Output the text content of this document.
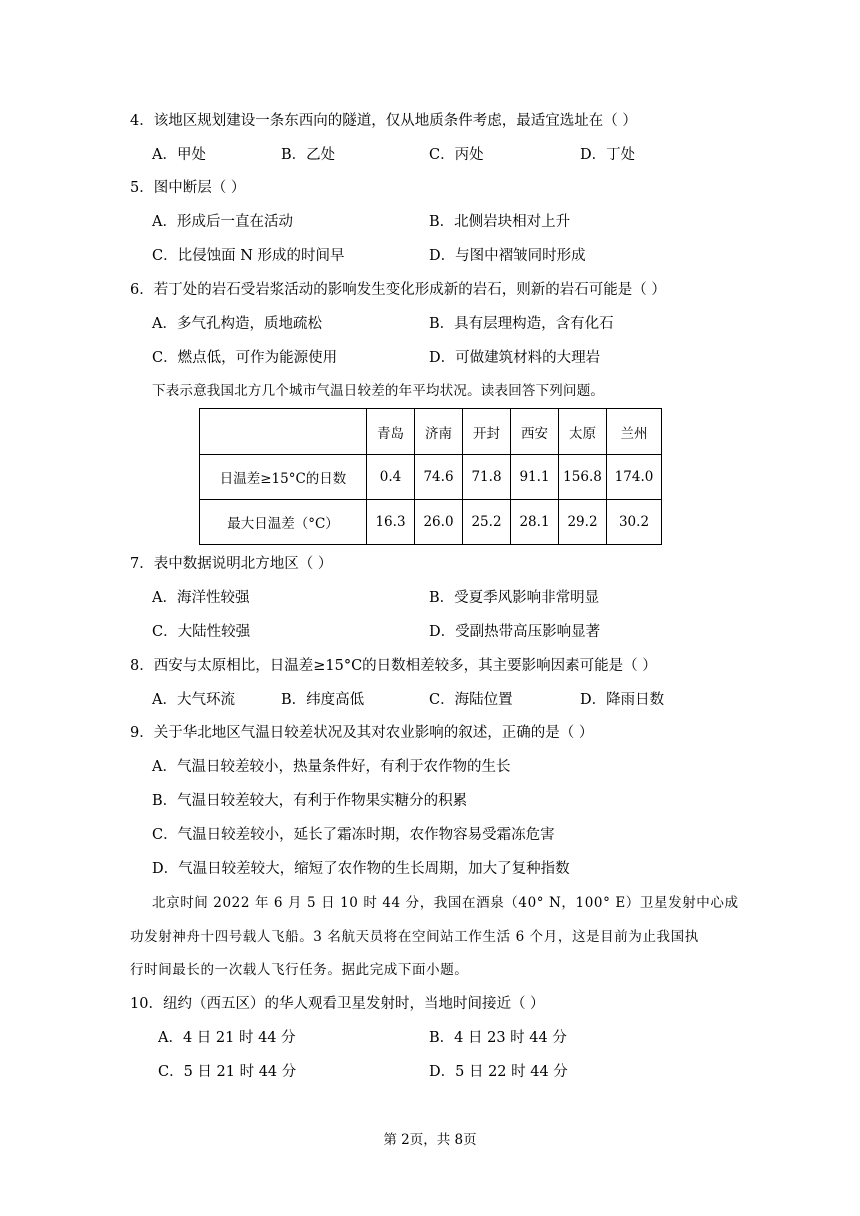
4．该地区规划建设一条东西向的隧道，仅从地质条件考虑，最适宜选址在（ ）
A．甲处	B．乙处	C．丙处	D．丁处
5．图中断层（ ）
A．形成后一直在活动	B．北侧岩块相对上升
C．比侵蚀面 N 形成的时间早	D．与图中褶皱同时形成
6．若丁处的岩石受岩浆活动的影响发生变化形成新的岩石，则新的岩石可能是（ ）
A．多气孔构造，质地疏松	B．具有层理构造，含有化石
C．燃点低，可作为能源使用	D．可做建筑材料的大理岩
下表示意我国北方几个城市气温日较差的年平均状况。读表回答下列问题。
	青岛	济南	开封	西安	太原	兰州
日温差≥15°C的日数	0.4	74.6	71.8	91.1	156.8	174.0
最大日温差（°C）	16.3	26.0	25.2	28.1	29.2	30.2
7．表中数据说明北方地区（ ）
A．海洋性较强	B．受夏季风影响非常明显
C．大陆性较强	D．受副热带高压影响显著
8．西安与太原相比，日温差≥15°C的日数相差较多，其主要影响因素可能是（ ）
A．大气环流	B．纬度高低	C．海陆位置	D．降雨日数
9．关于华北地区气温日较差状况及其对农业影响的叙述，正确的是（ ）
A．气温日较差较小，热量条件好，有利于农作物的生长
B．气温日较差较大，有利于作物果实糖分的积累
C．气温日较差较小，延长了霜冻时期，农作物容易受霜冻危害
D．气温日较差较大，缩短了农作物的生长周期，加大了复种指数
北京时间 2022 年 6 月 5 日 10 时 44 分，我国在酒泉（40° N，100° E）卫星发射中心成
功发射神舟十四号载人飞船。3 名航天员将在空间站工作生活 6 个月，这是目前为止我国执
行时间最长的一次载人飞行任务。据此完成下面小题。
10．纽约（西五区）的华人观看卫星发射时，当地时间接近（ ）
A．4 日 21 时 44 分	B．4 日 23 时 44 分
C．5 日 21 时 44 分	D．5 日 22 时 44 分
第 2页，共 8页
